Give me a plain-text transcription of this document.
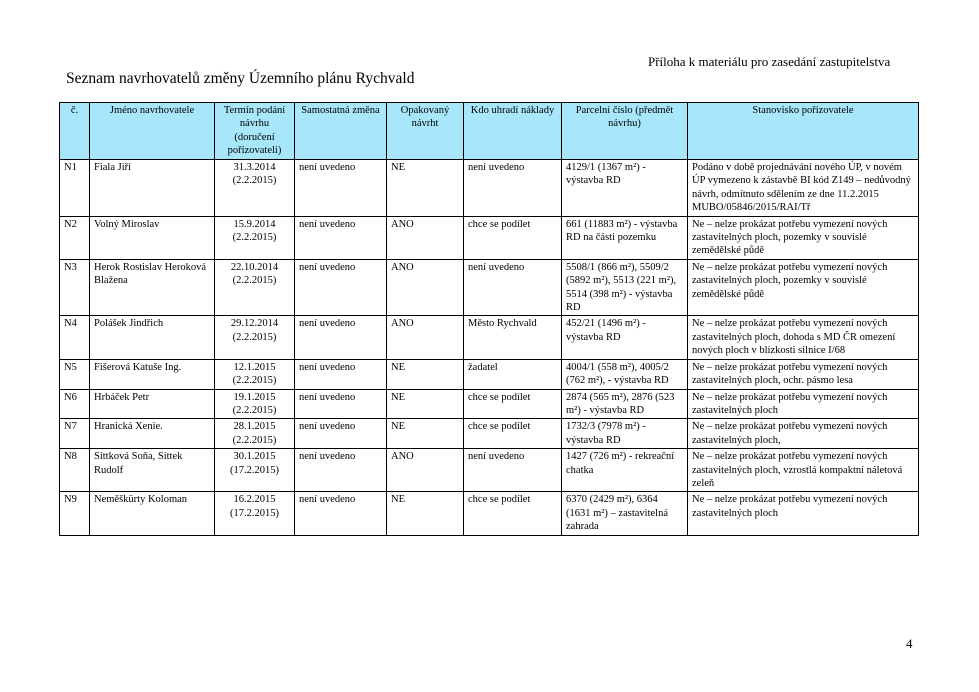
Příloha k materiálu pro zasedání zastupitelstva
Seznam navrhovatelů změny Územního plánu Rychvald
č.	Jméno navrhovatele	Termín podání návrhu (doručení pořizovateli)	Samostatná změna	Opakovaný návrht	Kdo uhradí náklady	Parcelní číslo (předmět návrhu)	Stanovisko pořizovatele
N1	Fiala Jiří	31.3.2014 (2.2.2015)	není uvedeno	NE	není uvedeno	4129/1 (1367 m²) - výstavba RD	Podáno v době projednávání nového ÚP, v novém ÚP vymezeno k zástavbě BI kód Z149 – nedůvodný návrh, odmítnuto sdělením ze dne 11.2.2015 MUBO/05846/2015/RAI/Tř
N2	Volný Miroslav	15.9.2014 (2.2.2015)	není uvedeno	ANO	chce se podílet	661 (11883 m²) - výstavba RD na části pozemku	Ne – nelze prokázat potřebu vymezení nových zastavitelných ploch, pozemky v souvislé zemědělské půdě
N3	Herok Rostislav Heroková Blažena	22.10.2014 (2.2.2015)	není uvedeno	ANO	není uvedeno	5508/1 (866 m²), 5509/2 (5892 m²), 5513 (221 m²), 5514 (398 m²) - výstavba RD	Ne – nelze prokázat potřebu vymezení nových zastavitelných ploch, pozemky v souvislé zemědělské půdě
N4	Polášek Jindřich	29.12.2014 (2.2.2015)	není uvedeno	ANO	Město Rychvald	452/21 (1496 m²) - výstavba RD	Ne – nelze prokázat potřebu vymezení nových zastavitelných ploch, dohoda s MD ČR omezení nových ploch v blízkosti silnice I/68
N5	Fišerová Katuše Ing.	12.1.2015 (2.2.2015)	není uvedeno	NE	žadatel	4004/1 (558 m²), 4005/2 (762 m²), - výstavba RD	Ne – nelze prokázat potřebu vymezení nových zastavitelných ploch, ochr. pásmo lesa
N6	Hrbáček Petr	19.1.2015 (2.2.2015)	není uvedeno	NE	chce se podílet	2874 (565 m²), 2876 (523 m²) - výstavba RD	Ne – nelze prokázat potřebu vymezení nových zastavitelných ploch
N7	Hranická Xenie.	28.1.2015 (2.2.2015)	není uvedeno	NE	chce se podílet	1732/3 (7978 m²) - výstavba RD	Ne – nelze prokázat potřebu vymezení nových zastavitelných ploch,
N8	Sittková Soňa, Sittek Rudolf	30.1.2015 (17.2.2015)	není uvedeno	ANO	není uvedeno	1427 (726 m²) - rekreační chatka	Ne – nelze prokázat potřebu vymezení nových zastavitelných ploch, vzrostlá kompaktní náletová zeleň
N9	Neměškürty Koloman	16.2.2015 (17.2.2015)	není uvedeno	NE	chce se podílet	6370 (2429 m²), 6364 (1631 m²) – zastavitelná zahrada	Ne – nelze prokázat potřebu vymezení nových zastavitelných ploch
4
